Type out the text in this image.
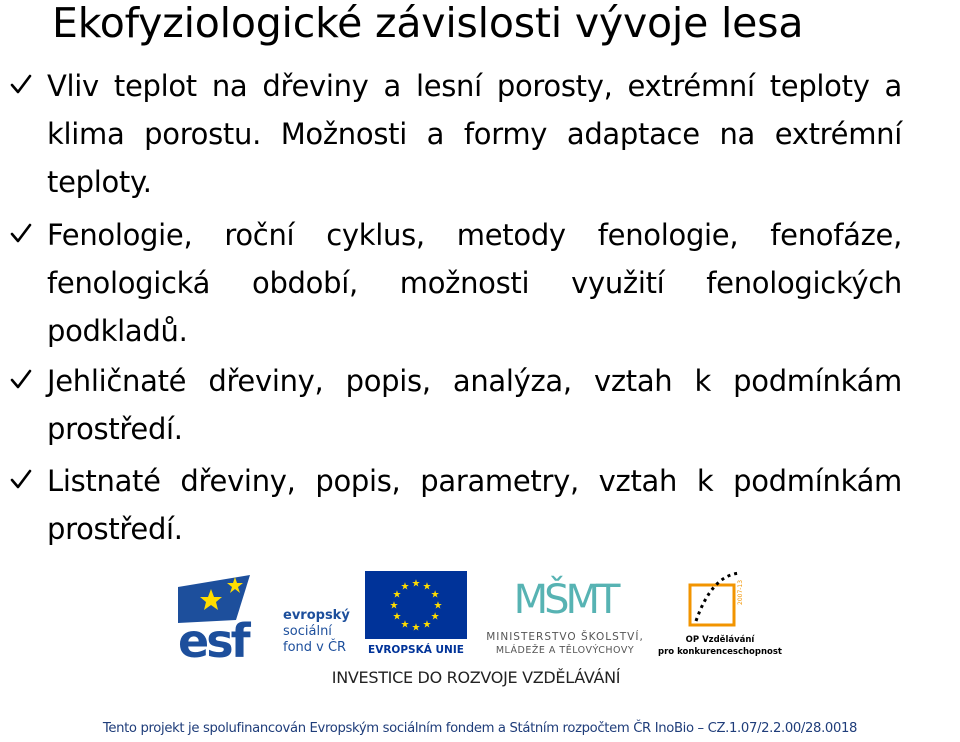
Ekofyziologické závislosti vývoje lesa
Vliv teplot na dřeviny a lesní porosty, extrémní teploty a klima porostu. Možnosti a formy adaptace na extrémní teploty.
Fenologie, roční cyklus, metody fenologie, fenofáze, fenologická období, možnosti využití fenologických podkladů.
Jehličnaté dřeviny, popis, analýza, vztah k podmínkám prostředí.
Listnaté dřeviny, popis, parametry, vztah k podmínkám prostředí.
esf	evropský
sociální
fond v ČR
★ ★
★
★
★
★
★
★
★
★
★
★
EVROPSKÁ UNIE
MŠMT
MINISTERSTVO ŠKOLSTVÍ,
MLÁDEŽE A TĚLOVÝCHOVY
2007-13
OP Vzdělávání
pro konkurenceschopnost
INVESTICE DO ROZVOJE VZDĚLÁVÁNÍ
Tento projekt je spolufinancován Evropským sociálním fondem a Státním rozpočtem ČR InoBio – CZ.1.07/2.2.00/28.0018
